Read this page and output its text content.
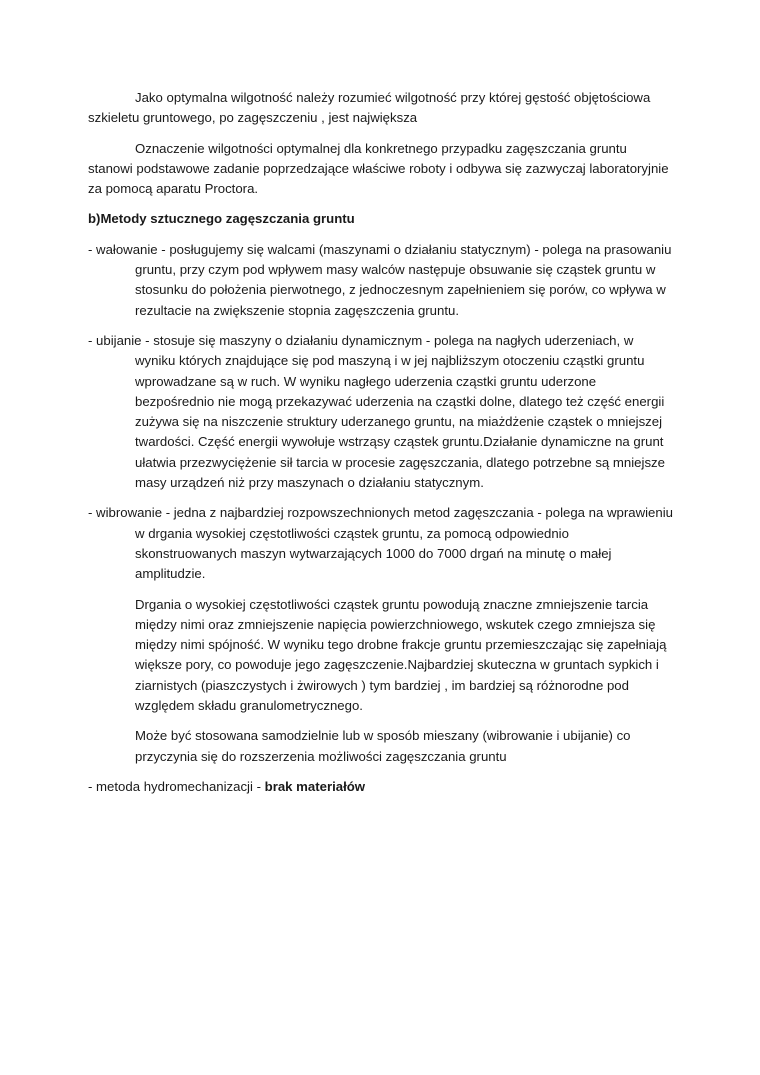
Jako optymalna wilgotność należy rozumieć wilgotność przy której gęstość objętościowa szkieletu gruntowego, po zagęszczeniu , jest największa

Oznaczenie wilgotności optymalnej dla konkretnego przypadku zagęszczania gruntu stanowi podstawowe zadanie poprzedzające właściwe roboty i odbywa się zazwyczaj laboratoryjnie za pomocą aparatu Proctora.

b)Metody sztucznego zagęszczania gruntu

- wałowanie - posługujemy się walcami (maszynami o działaniu statycznym) - polega na prasowaniu gruntu, przy czym pod wpływem masy walców następuje obsuwanie się cząstek gruntu w stosunku do położenia pierwotnego, z jednoczesnym zapełnieniem się porów, co wpływa w rezultacie na zwiększenie stopnia zagęszczenia gruntu.

- ubijanie - stosuje się maszyny o działaniu dynamicznym - polega na nagłych uderzeniach, w wyniku których znajdujące się pod maszyną i w jej najbliższym otoczeniu cząstki gruntu wprowadzane są w ruch. W wyniku nagłego uderzenia cząstki gruntu uderzone bezpośrednio nie mogą przekazywać uderzenia na cząstki dolne, dlatego też część energii zużywa się na niszczenie struktury uderzanego gruntu, na miażdżenie cząstek o mniejszej twardości. Część energii wywołuje wstrząsy cząstek gruntu.Działanie dynamiczne na grunt ułatwia przezwyciężenie sił tarcia w procesie zagęszczania, dlatego potrzebne są mniejsze masy urządzeń niż przy maszynach o działaniu statycznym.

- wibrowanie - jedna z najbardziej rozpowszechnionych metod zagęszczania - polega na wprawieniu w drgania wysokiej częstotliwości cząstek gruntu, za pomocą odpowiednio skonstruowanych maszyn wytwarzających 1000 do 7000 drgań na minutę o małej amplitudzie.

Drgania o wysokiej częstotliwości cząstek gruntu powodują znaczne zmniejszenie tarcia między nimi oraz zmniejszenie napięcia powierzchniowego, wskutek czego zmniejsza się między nimi spójność. W wyniku tego drobne frakcje gruntu przemieszczając się zapełniają większe pory, co powoduje jego zagęszczenie.Najbardziej skuteczna w gruntach sypkich i ziarnistych (piaszczystych i żwirowych ) tym bardziej , im bardziej są różnorodne pod względem składu granulometrycznego.

Może być stosowana samodzielnie lub w sposób mieszany (wibrowanie i ubijanie) co przyczynia się do rozszerzenia możliwości zagęszczania gruntu

- metoda hydromechanizacji - brak materiałów
